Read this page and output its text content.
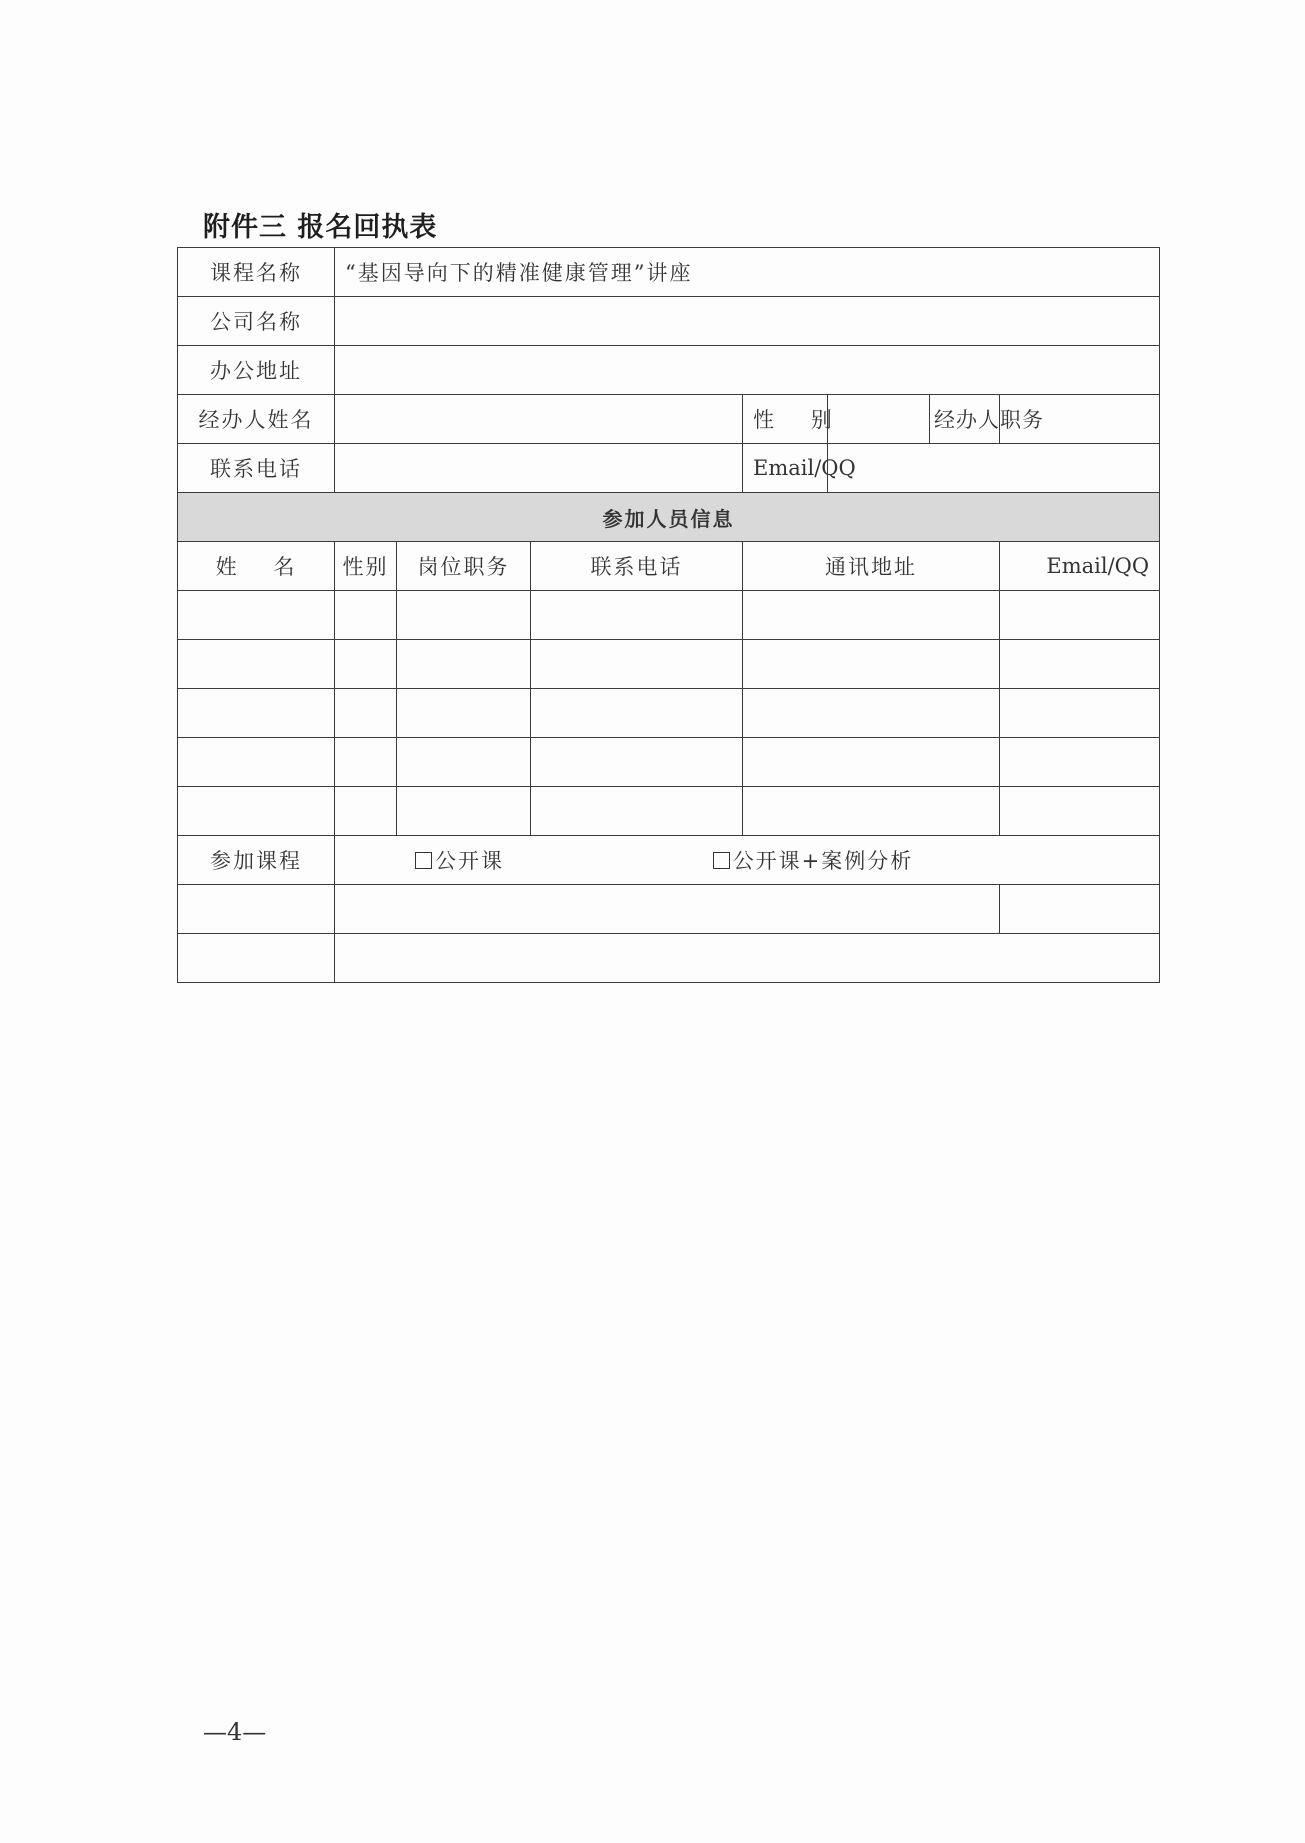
附件三 报名回执表
课程名称	“基因导向下的精准健康管理”讲座						
公司名称							
办公地址							
经办人姓名				性    别		经办人职务	
联系电话				Email/QQ			
参加人员信息							
姓    名	性别	岗位职务	联系电话	通讯地址			Email/QQ

参加课程	公开课 公开课+案例分析						

—4—
